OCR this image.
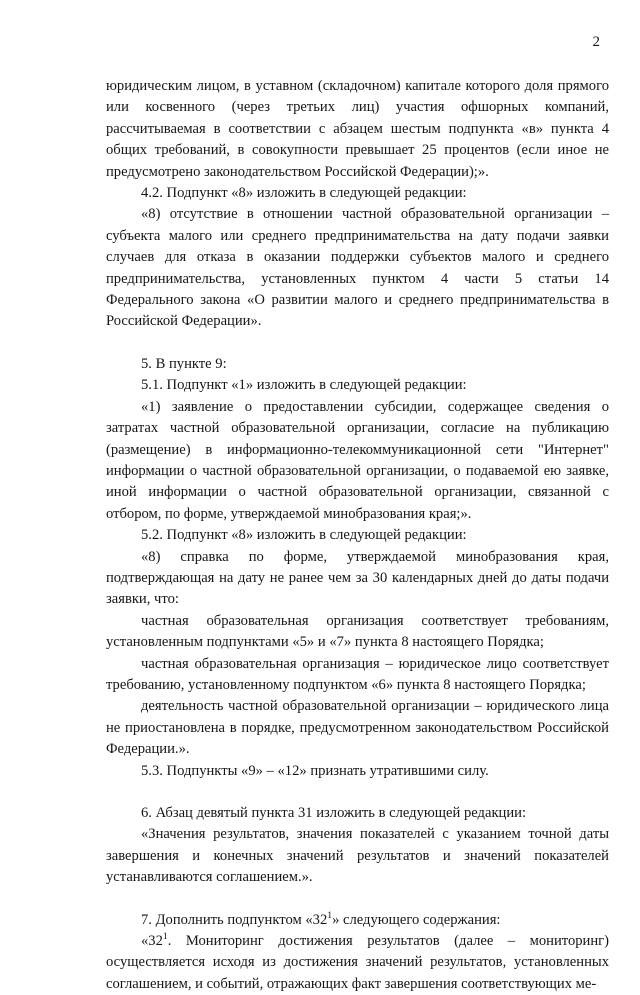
2

юридическим лицом, в уставном (складочном) капитале которого доля прямого или косвенного (через третьих лиц) участия офшорных компаний, рассчитываемая в соответствии с абзацем шестым подпункта «в» пункта 4 общих требований, в совокупности превышает 25 процентов (если иное не предусмотрено законодательством Российской Федерации);».

4.2. Подпункт «8» изложить в следующей редакции:

«8) отсутствие в отношении частной образовательной организации – субъекта малого или среднего предпринимательства на дату подачи заявки случаев для отказа в оказании поддержки субъектов малого и среднего предпринимательства, установленных пунктом 4 части 5 статьи 14 Федерального закона «О развитии малого и среднего предпринимательства в Российской Федерации».

5. В пункте 9:

5.1. Подпункт «1» изложить в следующей редакции:

«1) заявление о предоставлении субсидии, содержащее сведения о затратах частной образовательной организации, согласие на публикацию (размещение) в информационно-телекоммуникационной сети "Интернет" информации о частной образовательной организации, о подаваемой ею заявке, иной информации о частной образовательной организации, связанной с отбором, по форме, утверждаемой минобразования края;».

5.2. Подпункт «8» изложить в следующей редакции:

«8) справка по форме, утверждаемой минобразования края, подтверждающая на дату не ранее чем за 30 календарных дней до даты подачи заявки, что:

частная образовательная организация соответствует требованиям, установленным подпунктами «5» и «7» пункта 8 настоящего Порядка;

частная образовательная организация – юридическое лицо соответствует требованию, установленному подпунктом «6» пункта 8 настоящего Порядка;

деятельность частной образовательной организации – юридического лица не приостановлена в порядке, предусмотренном законодательством Российской Федерации.».

5.3. Подпункты «9» – «12» признать утратившими силу.

6. Абзац девятый пункта 31 изложить в следующей редакции:

«Значения результатов, значения показателей с указанием точной даты завершения и конечных значений результатов и значений показателей устанавливаются соглашением.».

7. Дополнить подпунктом «$32^1$» следующего содержания:

«$32^1$. Мониторинг достижения результатов (далее – мониторинг) осуществляется исходя из достижения значений результатов, установленных соглашением, и событий, отражающих факт завершения соответствующих ме-
